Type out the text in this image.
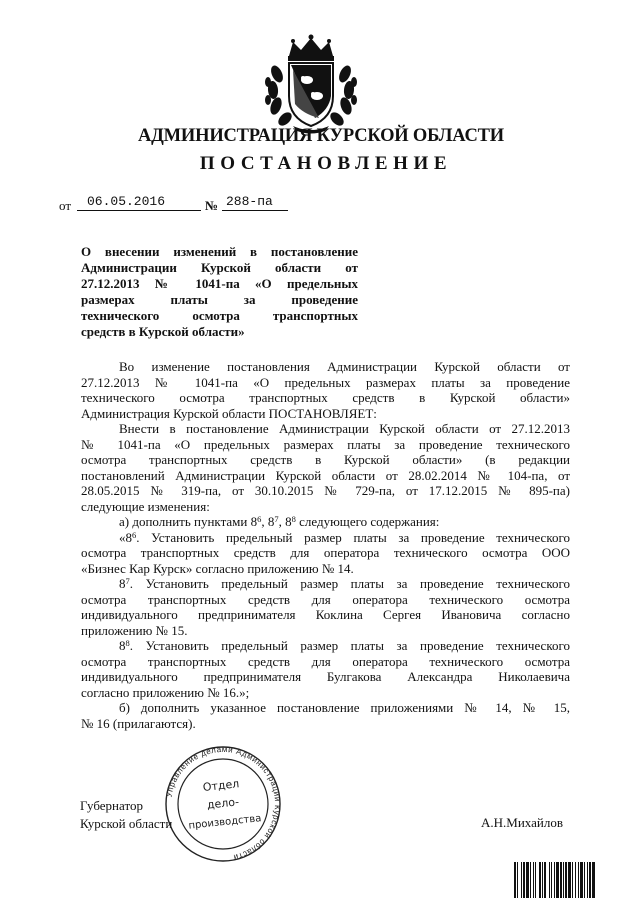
АДМИНИСТРАЦИЯ КУРСКОЙ ОБЛАСТИ
ПОСТАНОВЛЕНИЕ
от	06.05.2016	№ 288-па
О внесении изменений в постановление
Администрации Курской области от
27.12.2013 № 1041-па «О предельных
размерах платы за проведение
технического осмотра транспортных
средств в Курской области»

Во изменение постановления Администрации Курской области от
27.12.2013 № 1041-па «О предельных размерах платы за проведение
технического осмотра транспортных средств в Курской области»
Администрация Курской области ПОСТАНОВЛЯЕТ:

Внести в постановление Администрации Курской области от 27.12.2013
№ 1041-па «О предельных размерах платы за проведение технического
осмотра транспортных средств в Курской области» (в редакции
постановлений Администрации Курской области от 28.02.2014 № 104-па, от
28.05.2015 № 319-па, от 30.10.2015 № 729-па, от 17.12.2015 № 895-па)
следующие изменения:

а) дополнить пунктами $8^6$, $8^7$, $8^8$ следующего содержания:

«$8^6$. Установить предельный размер платы за проведение технического
осмотра транспортных средств для оператора технического осмотра ООО
«Бизнес Кар Курск» согласно приложению № 14.

$8^7$. Установить предельный размер платы за проведение технического
осмотра транспортных средств для оператора технического осмотра
индивидуального предпринимателя Коклина Сергея Ивановича согласно
приложению № 15.

$8^8$. Установить предельный размер платы за проведение технического
осмотра транспортных средств для оператора технического осмотра
индивидуального предпринимателя Булгакова Александра Николаевича
согласно приложению № 16.»;

б) дополнить указанное постановление приложениями № 14, № 15,
№ 16 (прилагаются).

Губернатор
Курской области	А.Н.Михайлов
Управление делами Администрации Курской области
Отдел
дело-
производства
